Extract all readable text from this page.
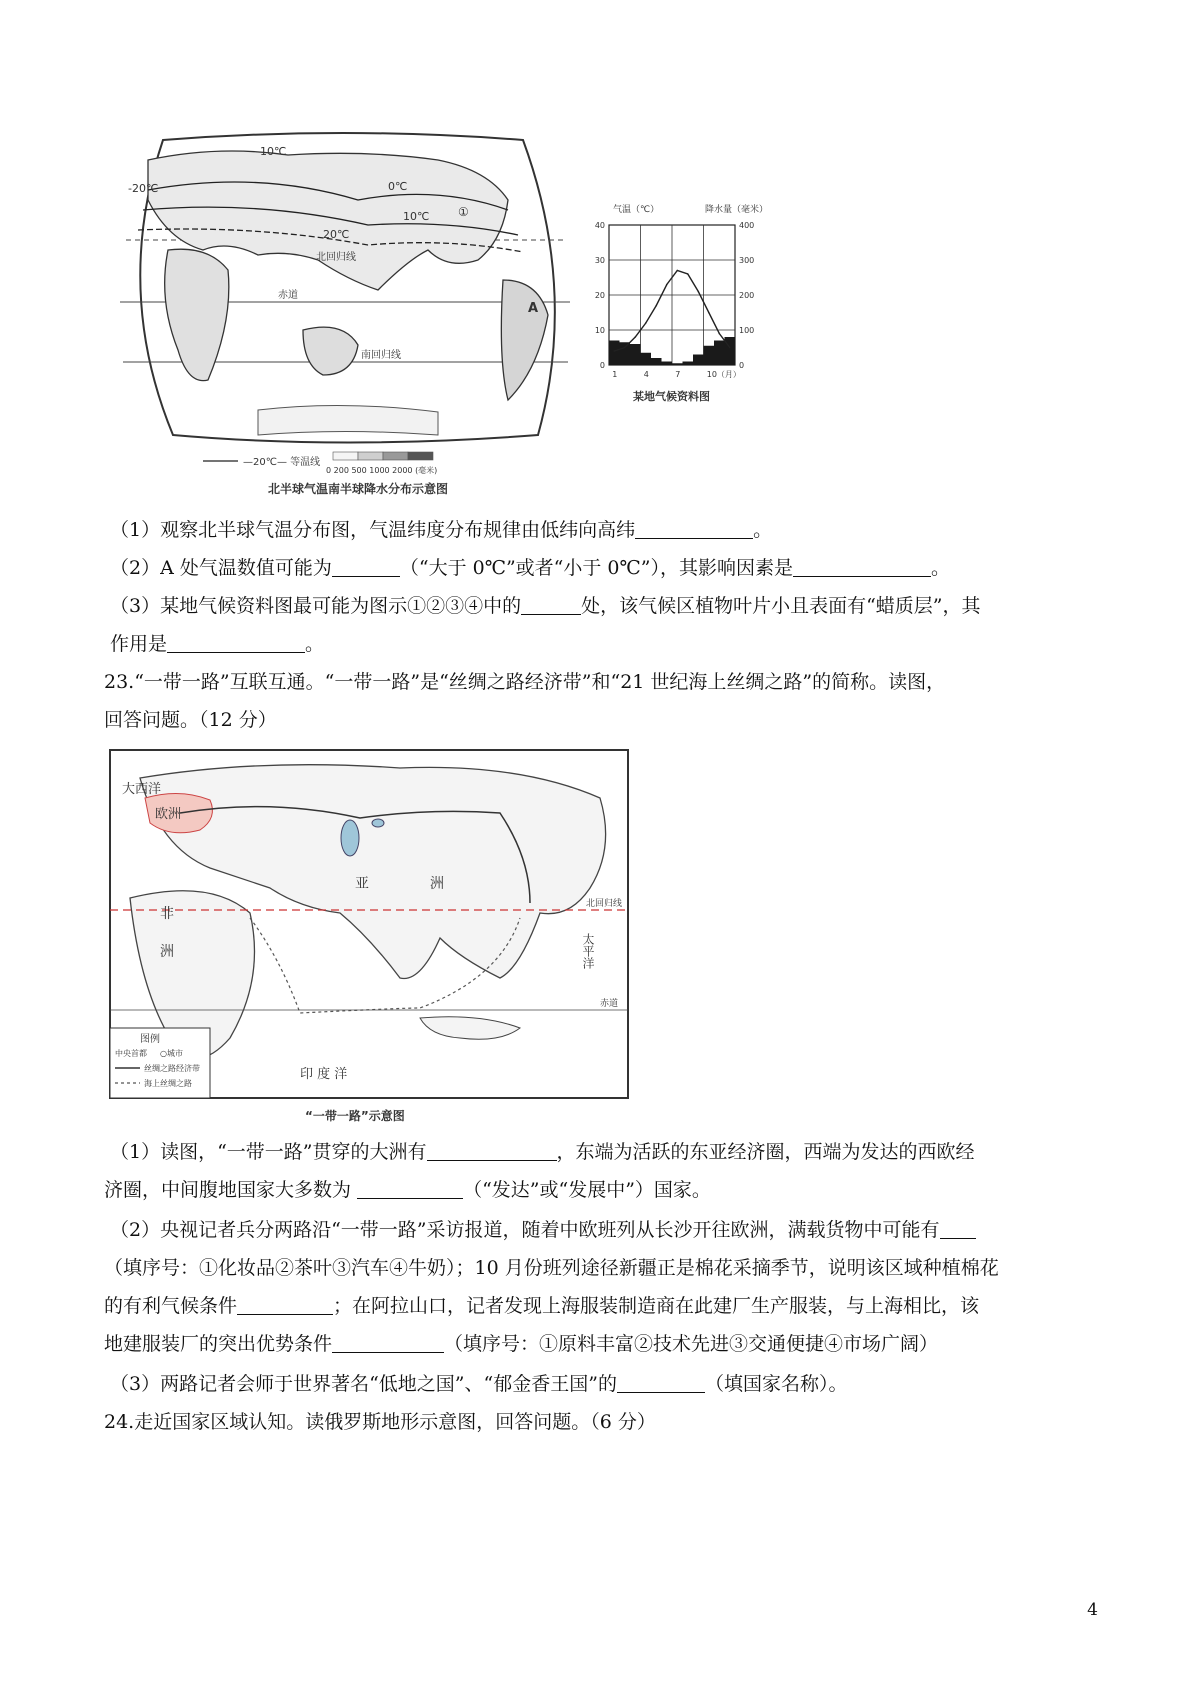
-10℃
-20℃	0℃
10℃
20℃
北回归线
赤道
南回归线
A
①
—20℃— 等温线
0 200 500 1000 2000 (毫米)
北半球气温南半球降水分布示意图
气温（℃）	降水量（毫米）
40
30
20
10
0
400
300
200
100
0
1	4	7	10（月）
某地气候资料图
（1）观察北半球气温分布图，气温纬度分布规律由低纬向高纬	。
（2）A 处气温数值可能为	（“大于 0℃”或者“小于 0℃”），其影响因素是	。
（3）某地气候资料图最可能为图示①②③④中的	处，该气候区植物叶片小且表面有“蜡质层”，其
作用是	。
23.“一带一路”互联互通。“一带一路”是“丝绸之路经济带”和“21 世纪海上丝绸之路”的简称。读图，
回答问题。（12 分）
北回归线
赤道
大西洋
欧洲
非
洲
亚	洲
太平洋
印 度 洋
图例
中央首都 ○城市
丝绸之路经济带
海上丝绸之路
“一带一路”示意图
（1）读图，“一带一路”贯穿的大洲有	，东端为活跃的东亚经济圈，西端为发达的西欧经
济圈，中间腹地国家大多数为	（“发达”或“发展中”）国家。
（2）央视记者兵分两路沿“一带一路”采访报道，随着中欧班列从长沙开往欧洲，满载货物中可能有
（填序号：①化妆品②茶叶③汽车④牛奶）；10 月份班列途径新疆正是棉花采摘季节，说明该区域种植棉花
的有利气候条件	；在阿拉山口，记者发现上海服装制造商在此建厂生产服装，与上海相比，该
地建服装厂的突出优势条件	（填序号：①原料丰富②技术先进③交通便捷④市场广阔）
（3）两路记者会师于世界著名“低地之国”、“郁金香王国”的	（填国家名称）。
24.走近国家区域认知。读俄罗斯地形示意图，回答问题。（6 分）
4
